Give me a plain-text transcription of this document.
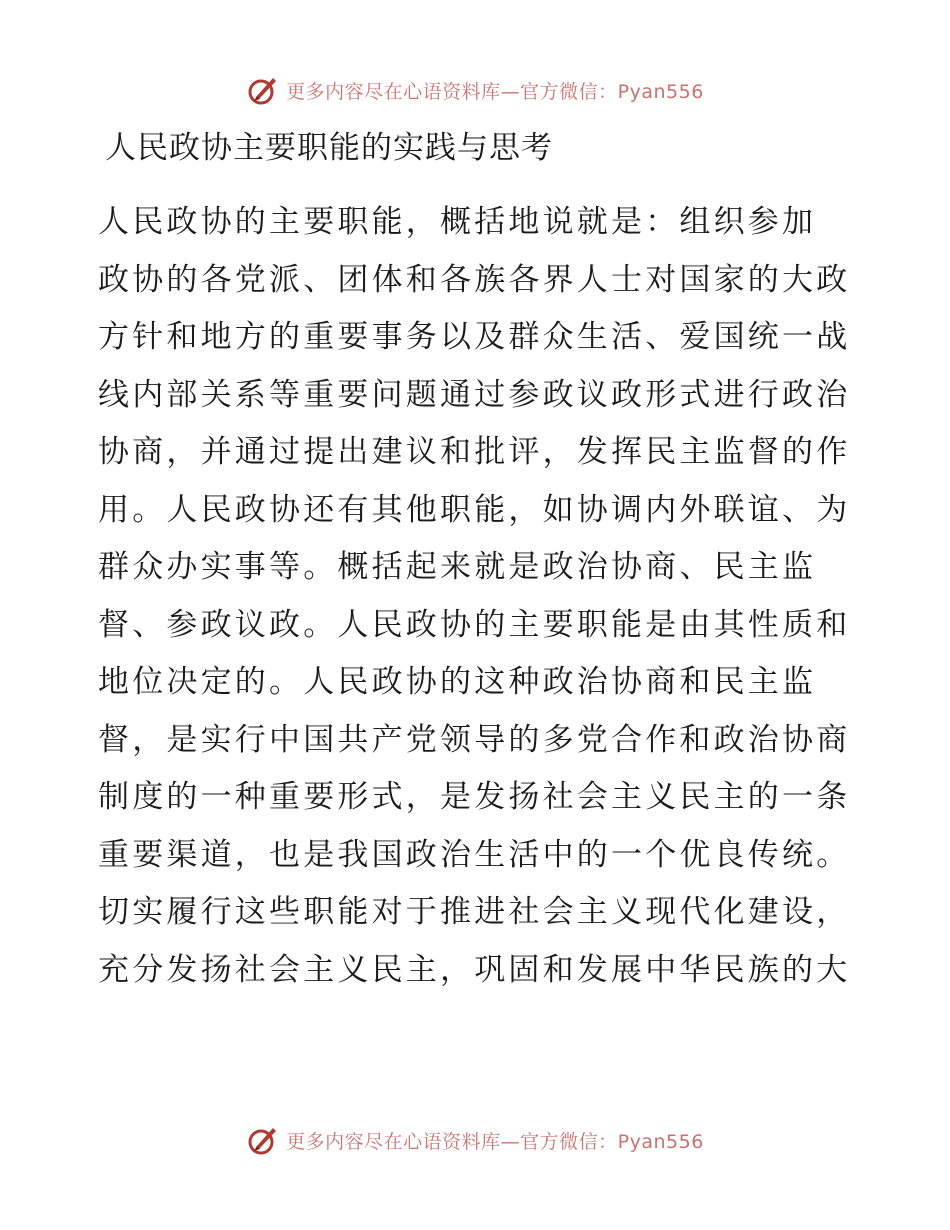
更多内容尽在心语资料库—官方微信：Pyan556
人民政协主要职能的实践与思考
人民政协的主要职能，概括地说就是：组织参加
政协的各党派、团体和各族各界人士对国家的大政
方针和地方的重要事务以及群众生活、爱国统一战
线内部关系等重要问题通过参政议政形式进行政治
协商，并通过提出建议和批评，发挥民主监督的作
用。人民政协还有其他职能，如协调内外联谊、为
群众办实事等。概括起来就是政治协商、民主监
督、参政议政。人民政协的主要职能是由其性质和
地位决定的。人民政协的这种政治协商和民主监
督，是实行中国共产党领导的多党合作和政治协商
制度的一种重要形式，是发扬社会主义民主的一条
重要渠道，也是我国政治生活中的一个优良传统。
切实履行这些职能对于推进社会主义现代化建设，
充分发扬社会主义民主，巩固和发展中华民族的大
更多内容尽在心语资料库—官方微信：Pyan556
